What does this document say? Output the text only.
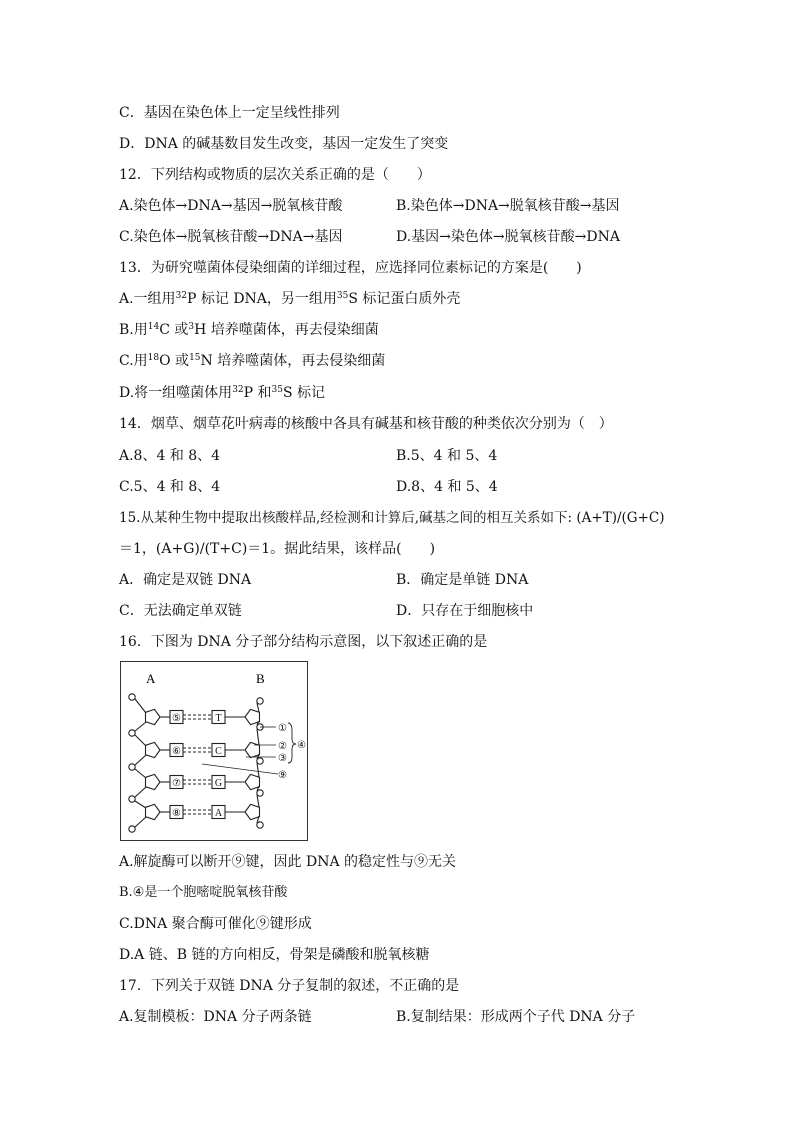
C．基因在染色体上一定呈线性排列
D．DNA 的碱基数目发生改变，基因一定发生了突变
12．下列结构或物质的层次关系正确的是（　　）
A.染色体→DNA→基因→脱氧核苷酸	B.染色体→DNA→脱氧核苷酸→基因
C.染色体→脱氧核苷酸→DNA→基因	D.基因→染色体→脱氧核苷酸→DNA
13．为研究噬菌体侵染细菌的详细过程，应选择同位素标记的方案是(　　)
A.一组用$^{32}$P 标记 DNA，另一组用$^{35}$S 标记蛋白质外壳
B.用$^{14}$C 或$^3$H 培养噬菌体，再去侵染细菌
C.用$^{18}$O 或$^{15}$N 培养噬菌体，再去侵染细菌
D.将一组噬菌体用$^{32}$P 和$^{35}$S 标记
14．烟草、烟草花叶病毒的核酸中各具有碱基和核苷酸的种类依次分别为（　）
A.8、4 和 8、4	B.5、4 和 5、4
C.5、4 和 8、4	D.8、4 和 5、4
15.从某种生物中提取出核酸样品,经检测和计算后,碱基之间的相互关系如下: (A+T)/(G+C)
＝1，(A+G)/(T+C)＝1。据此结果，该样品(　　)
A．确定是双链 DNA	B．确定是单链 DNA
C．无法确定单双链	D．只存在于细胞核中
16．下图为 DNA 分子部分结构示意图，以下叙述正确的是
A	B
⑤	T
⑥	C
⑦	G
⑧	A
①
②
③
⑨
④
A.解旋酶可以断开⑨键，因此 DNA 的稳定性与⑨无关
B.④是一个胞嘧啶脱氧核苷酸
C.DNA 聚合酶可催化⑨键形成
D.A 链、B 链的方向相反，骨架是磷酸和脱氧核糖
17．下列关于双链 DNA 分子复制的叙述，不正确的是
A.复制模板：DNA 分子两条链	B.复制结果：形成两个子代 DNA 分子
